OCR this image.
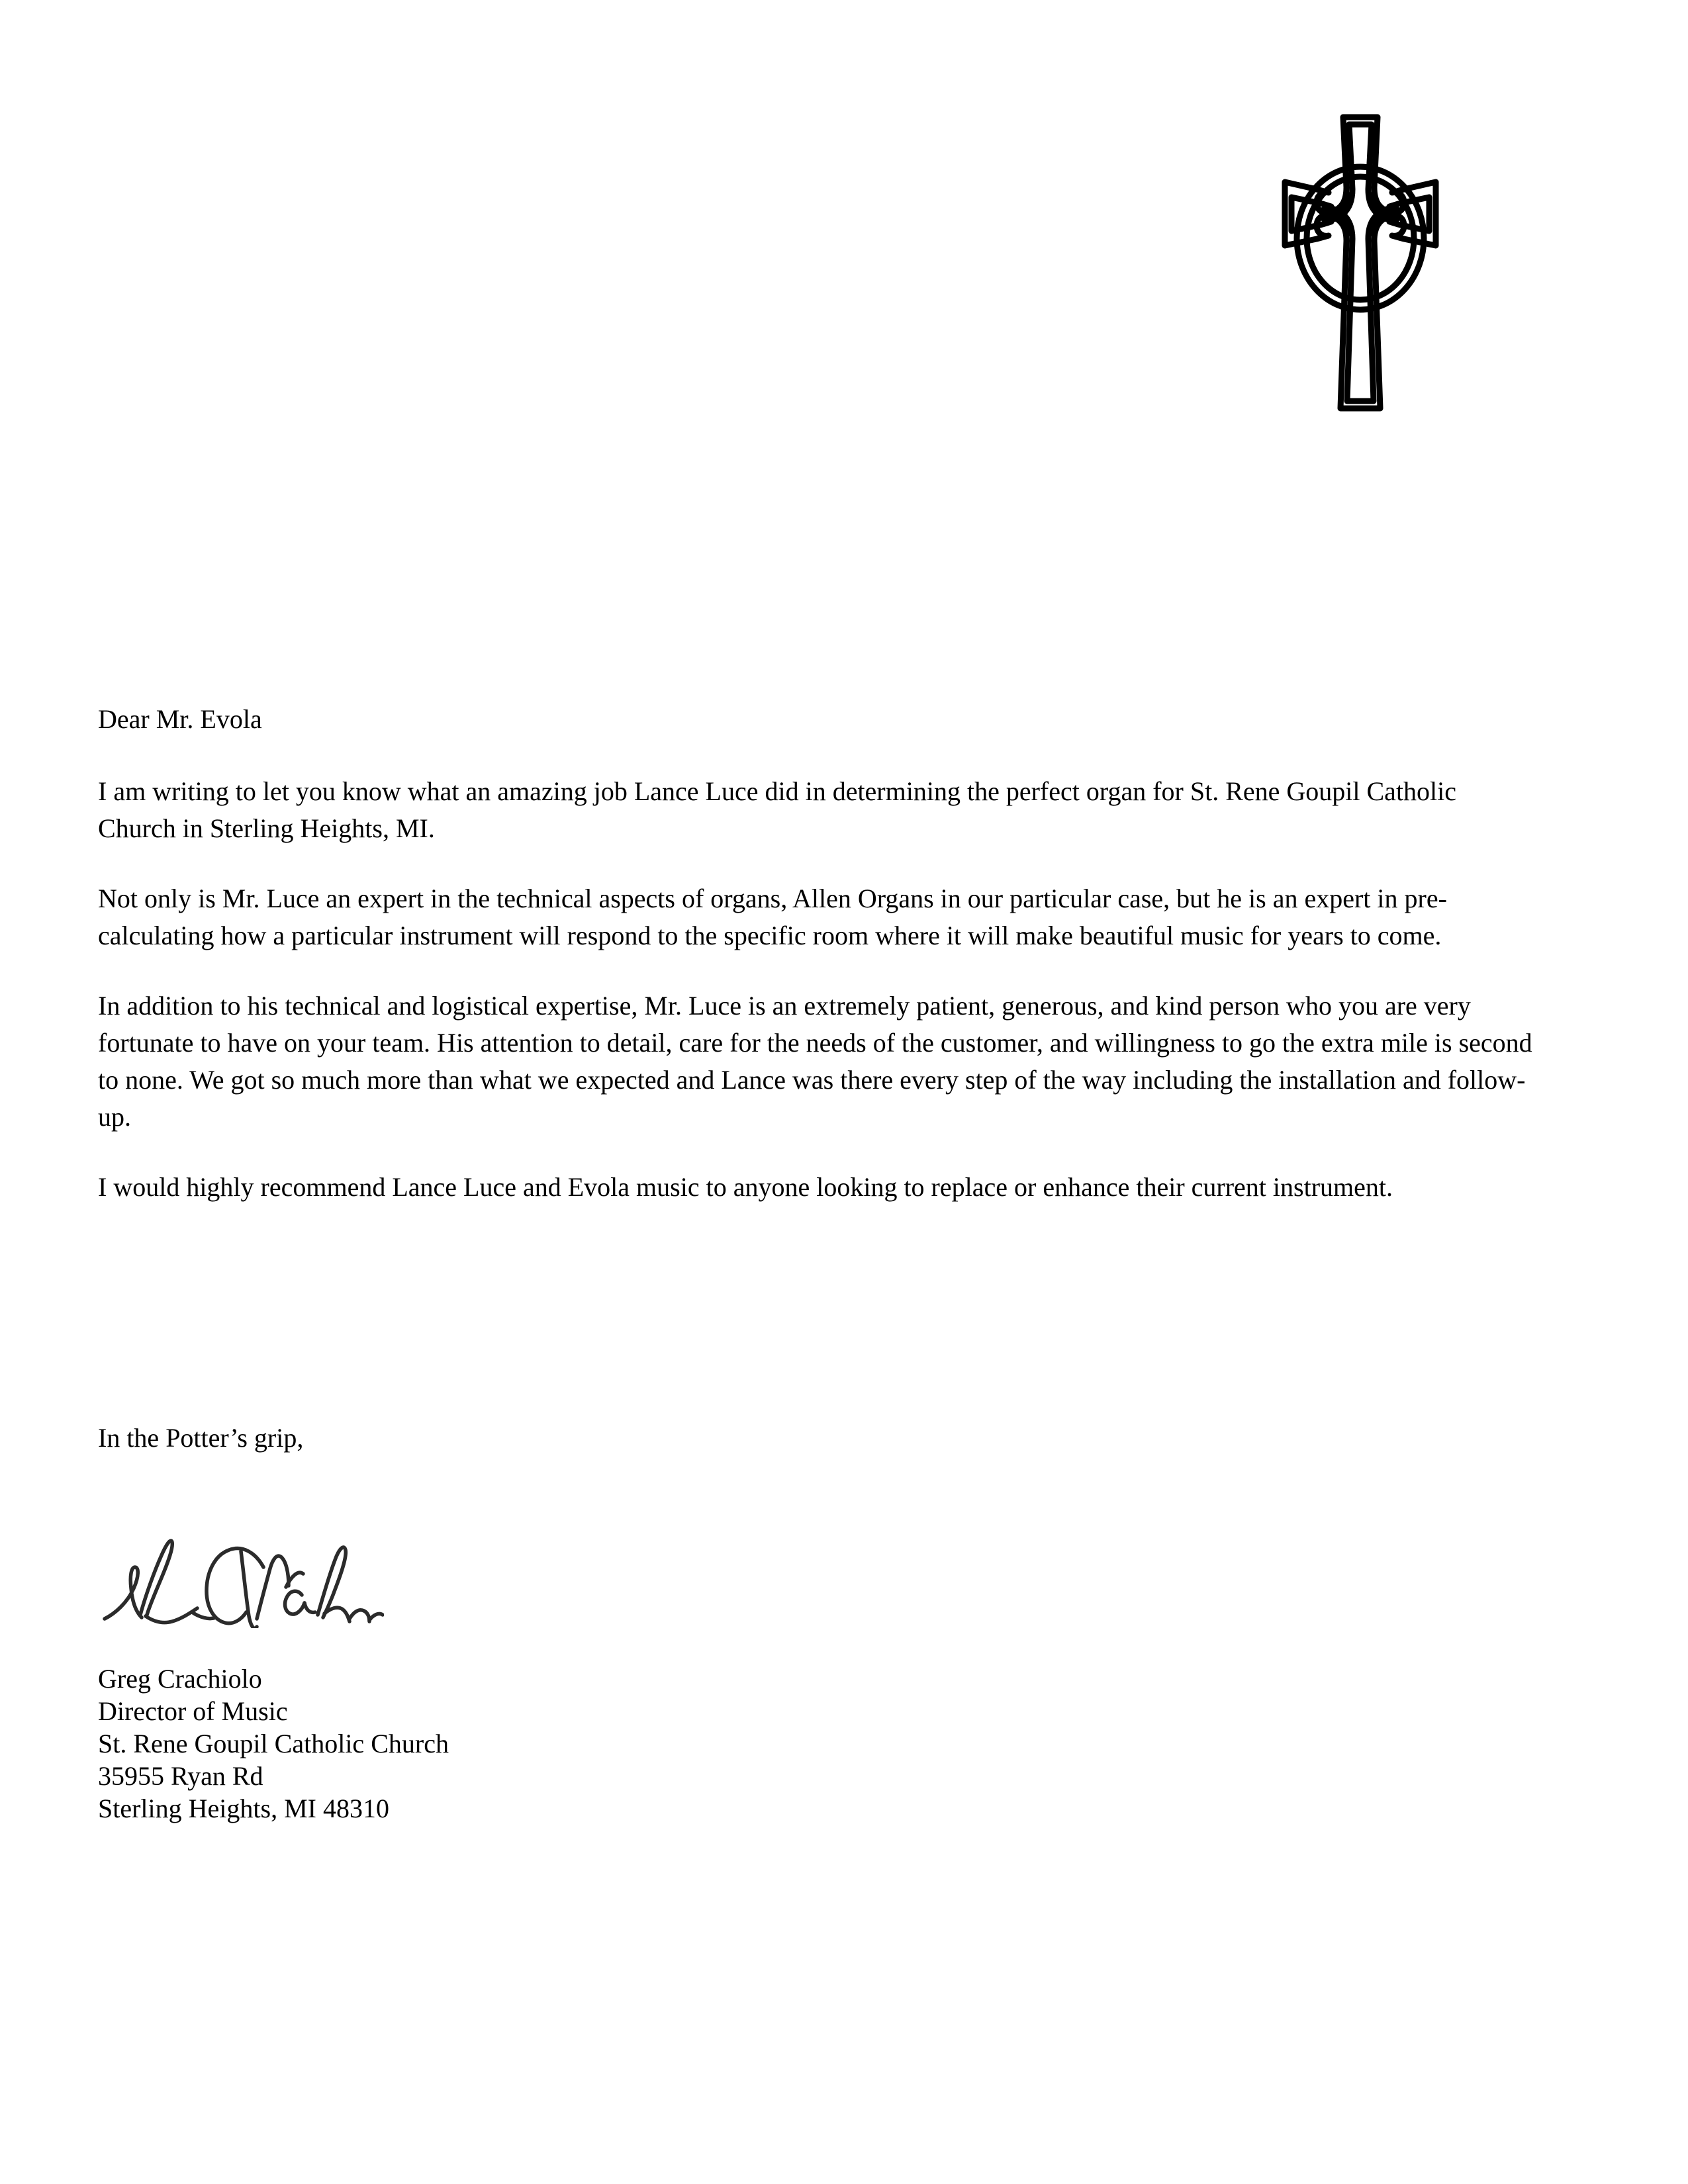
Dear Mr. Evola

I am writing to let you know what an amazing job Lance Luce did in determining the perfect organ for St. Rene Goupil Catholic Church in Sterling Heights, MI.

Not only is Mr. Luce an expert in the technical aspects of organs, Allen Organs in our particular case, but he is an expert in pre-calculating how a particular instrument will respond to the specific room where it will make beautiful music for years to come.

In addition to his technical and logistical expertise, Mr. Luce is an extremely patient, generous, and kind person who you are very fortunate to have on your team. His attention to detail, care for the needs of the customer, and willingness to go the extra mile is second to none. We got so much more than what we expected and Lance was there every step of the way including the installation and follow-up.

I would highly recommend Lance Luce and Evola music to anyone looking to replace or enhance their current instrument.

In the Potter’s grip,

Greg Crachiolo

Director of Music

St. Rene Goupil Catholic Church

35955 Ryan Rd

Sterling Heights, MI 48310
